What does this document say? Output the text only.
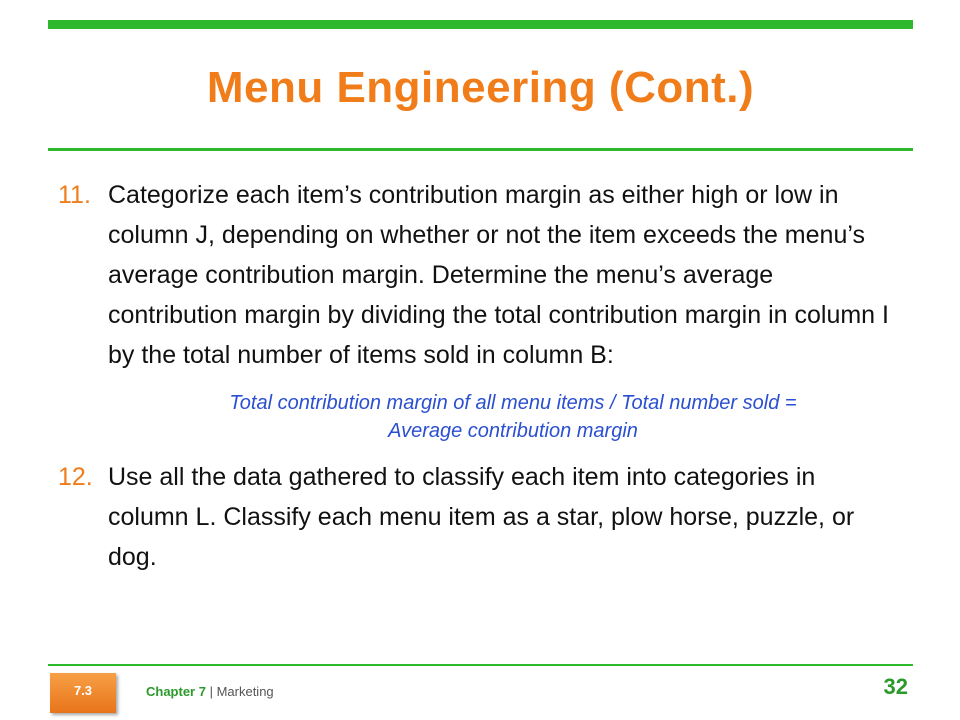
Menu Engineering (Cont.)
11. Categorize each item’s contribution margin as either high or low in column J, depending on whether or not the item exceeds the menu’s average contribution margin. Determine the menu’s average contribution margin by dividing the total contribution margin in column I by the total number of items sold in column B:
Total contribution margin of all menu items / Total number sold =
Average contribution margin
12. Use all the data gathered to classify each item into categories in column L. Classify each menu item as a star, plow horse, puzzle, or dog.
7.3	Chapter 7 | Marketing	32
